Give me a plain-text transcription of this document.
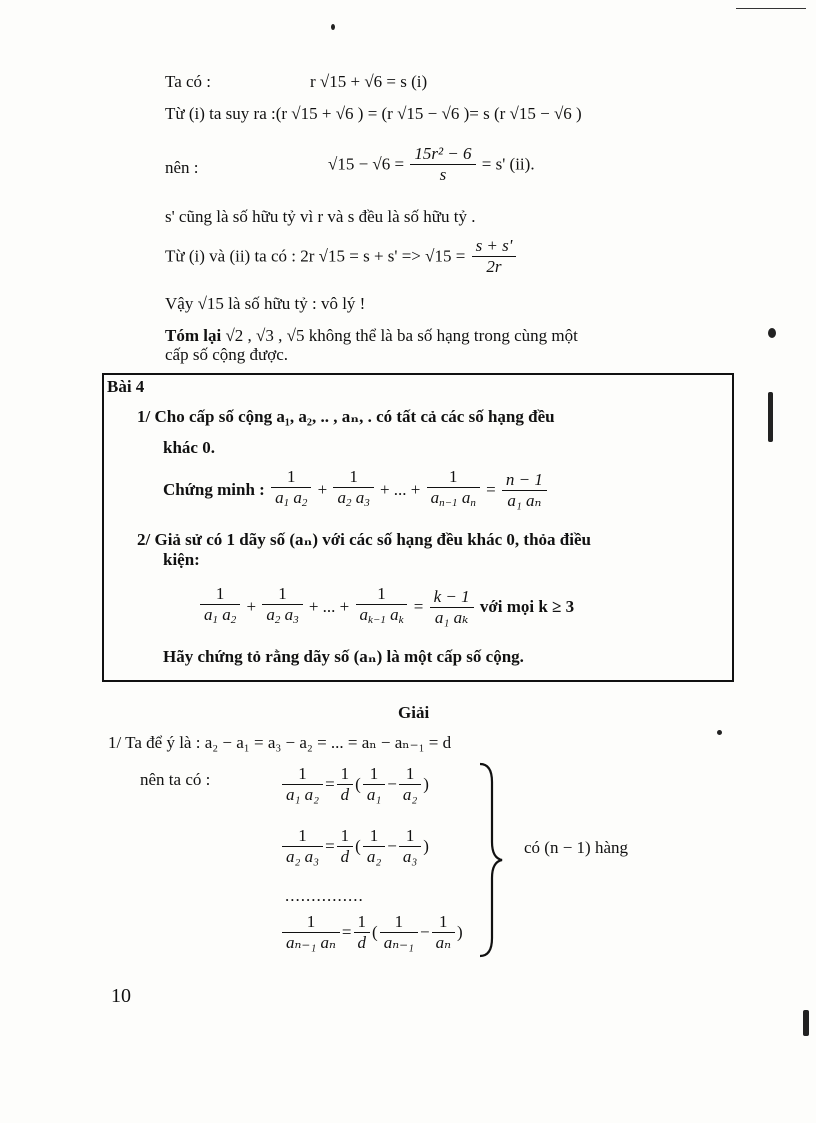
Ta có :	r √15 + √6 = s (i)
Từ (i) ta suy ra :(r √15 + √6 ) = (r √15 − √6 )= s (r √15 − √6 )
nên :	$√15 - √6 = \frac{\text{15r² − 6}}{s} = s'$ (ii).
s' cũng là số hữu tỷ vì r và s đều là số hữu tỷ .
Từ (i) và (ii) ta có : 2r $√15 = s + s' => √15 = \frac{s + s'}{2r}$
Vậy √15 là số hữu tỷ : vô lý !
Tóm lại √2 , √3 , √5 không thể là ba số hạng trong cùng một
cấp số cộng được.
Bài 4
1/ Cho cấp số cộng a₁, a₂, .. , aₙ, . có tất cả các số hạng đều
khác 0.
Chứng minh : $\frac{1}{a_1 a_2} + \frac{1}{a_2 a_3}$ + ... + $\frac{1}{a_{n-1} a_n} = \frac{n - 1}{\text{a₁ aₙ}}$
2/ Giả sử có 1 dãy số (aₙ) với các số hạng đều khác 0, thỏa điều
kiện:
$\frac{1}{a_1 a_2} + \frac{1}{a_2 a_3}$ + ... + $\frac{1}{a_{k-1} a_k} = \frac{k - 1}{\text{a₁ aₖ}}$ với mọi k ≥ 3
Hãy chứng tỏ rằng dãy số (aₙ) là một cấp số cộng.
Giải
1/ Ta để ý là : a₂ − a₁ = a₃ − a₂ = ... = aₙ − aₙ₋₁ = d
nên ta có :	$\frac{1}{\text{a₁ a₂}} = \frac{1}{d}$ ( $\frac{1}{\text{a₁}} - \frac{1}{\text{a₂}}$ )
$\frac{1}{\text{a₂ a₃}} = \frac{1}{d}$ ( $\frac{1}{\text{a₂}} - \frac{1}{\text{a₃}}$ )
$\frac{1}{\text{aₙ₋₁ aₙ}} = \frac{1}{d}$ ( $\frac{1}{\text{aₙ₋₁}} - \frac{1}{\text{aₙ}}$ )
...............
có (n − 1) hàng
10
